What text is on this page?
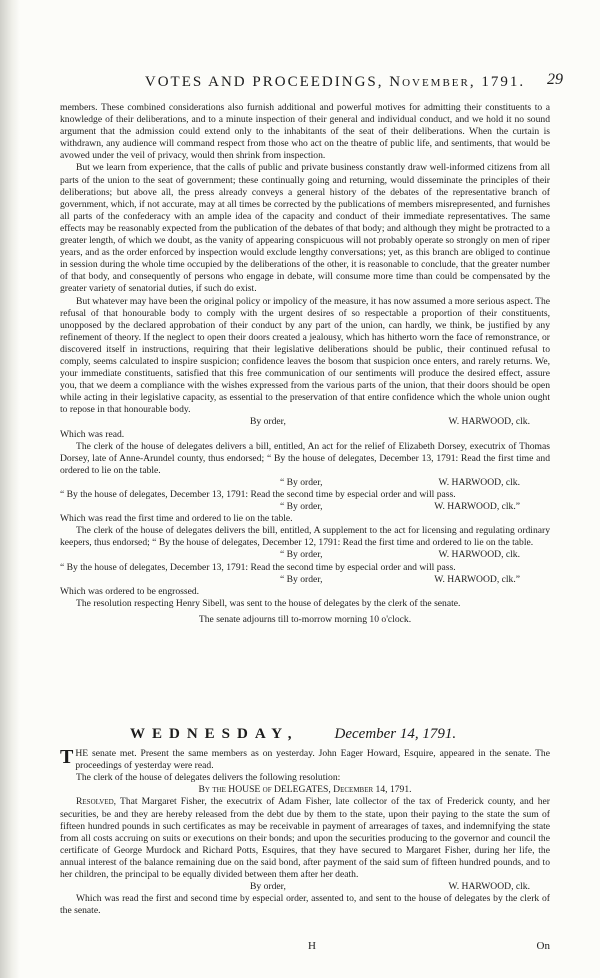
VOTES AND PROCEEDINGS, November, 1791.	29

members. These combined considerations also furnish additional and powerful motives for admitting their constituents to a knowledge of their deliberations, and to a minute inspection of their general and individual conduct, and we hold it no sound argument that the admission could extend only to the inhabitants of the seat of their deliberations. When the curtain is withdrawn, any audience will command respect from those who act on the theatre of public life, and sentiments, that would be avowed under the veil of privacy, would then shrink from inspection.

But we learn from experience, that the calls of public and private business constantly draw well-informed citizens from all parts of the union to the seat of government; these continually going and returning, would disseminate the principles of their deliberations; but above all, the press already conveys a general history of the debates of the representative branch of government, which, if not accurate, may at all times be corrected by the publications of members misrepresented, and furnishes all parts of the confederacy with an ample idea of the capacity and conduct of their immediate representatives. The same effects may be reasonably expected from the publication of the debates of that body; and although they might be protracted to a greater length, of which we doubt, as the vanity of appearing conspicuous will not probably operate so strongly on men of riper years, and as the order enforced by inspection would exclude lengthy conversations; yet, as this branch are obliged to continue in session during the whole time occupied by the deliberations of the other, it is reasonable to conclude, that the greater number of that body, and consequently of persons who engage in debate, will consume more time than could be compensated by the greater variety of senatorial duties, if such do exist.

But whatever may have been the original policy or impolicy of the measure, it has now assumed a more serious aspect. The refusal of that honourable body to comply with the urgent desires of so respectable a proportion of their constituents, unopposed by the declared approbation of their conduct by any part of the union, can hardly, we think, be justified by any refinement of theory. If the neglect to open their doors created a jealousy, which has hitherto worn the face of remonstrance, or discovered itself in instructions, requiring that their legislative deliberations should be public, their continued refusal to comply, seems calculated to inspire suspicion; confidence leaves the bosom that suspicion once enters, and rarely returns. We, your immediate constituents, satisfied that this free communication of our sentiments will produce the desired effect, assure you, that we deem a compliance with the wishes expressed from the various parts of the union, that their doors should be open while acting in their legislative capacity, as essential to the preservation of that entire confidence which the whole union ought to repose in that honourable body.

By order,	W. HARWOOD, clk.

Which was read.

The clerk of the house of delegates delivers a bill, entitled, An act for the relief of Elizabeth Dorsey, executrix of Thomas Dorsey, late of Anne-Arundel county, thus endorsed; “ By the house of delegates, December 13, 1791: Read the first time and ordered to lie on the table.

“ By order,	W. HARWOOD, clk.

“ By the house of delegates, December 13, 1791: Read the second time by especial order and will pass.

“ By order,	W. HARWOOD, clk.”

Which was read the first time and ordered to lie on the table.

The clerk of the house of delegates delivers the bill, entitled, A supplement to the act for licensing and regulating ordinary keepers, thus endorsed; “ By the house of delegates, December 12, 1791: Read the first time and ordered to lie on the table.

“ By order,	W. HARWOOD, clk.

“ By the house of delegates, December 13, 1791: Read the second time by especial order and will pass.

“ By order,	W. HARWOOD, clk.”

Which was ordered to be engrossed.

The resolution respecting Henry Sibell, was sent to the house of delegates by the clerk of the senate.

The senate adjourns till to-morrow morning 10 o'clock.

WEDNESDAY, December 14, 1791.

THE senate met. Present the same members as on yesterday. John Eager Howard, Esquire, appeared in the senate. The proceedings of yesterday were read.

The clerk of the house of delegates delivers the following resolution:

By the HOUSE of DELEGATES, December 14, 1791.

Resolved, That Margaret Fisher, the executrix of Adam Fisher, late collector of the tax of Frederick county, and her securities, be and they are hereby released from the debt due by them to the state, upon their paying to the state the sum of fifteen hundred pounds in such certificates as may be receivable in payment of arrearages of taxes, and indemnifying the state from all costs accruing on suits or executions on their bonds; and upon the securities producing to the governor and council the certificate of George Murdock and Richard Potts, Esquires, that they have secured to Margaret Fisher, during her life, the annual interest of the balance remaining due on the said bond, after payment of the said sum of fifteen hundred pounds, and to her children, the principal to be equally divided between them after her death.

By order,	W. HARWOOD, clk.

Which was read the first and second time by especial order, assented to, and sent to the house of delegates by the clerk of the senate.

H	On
